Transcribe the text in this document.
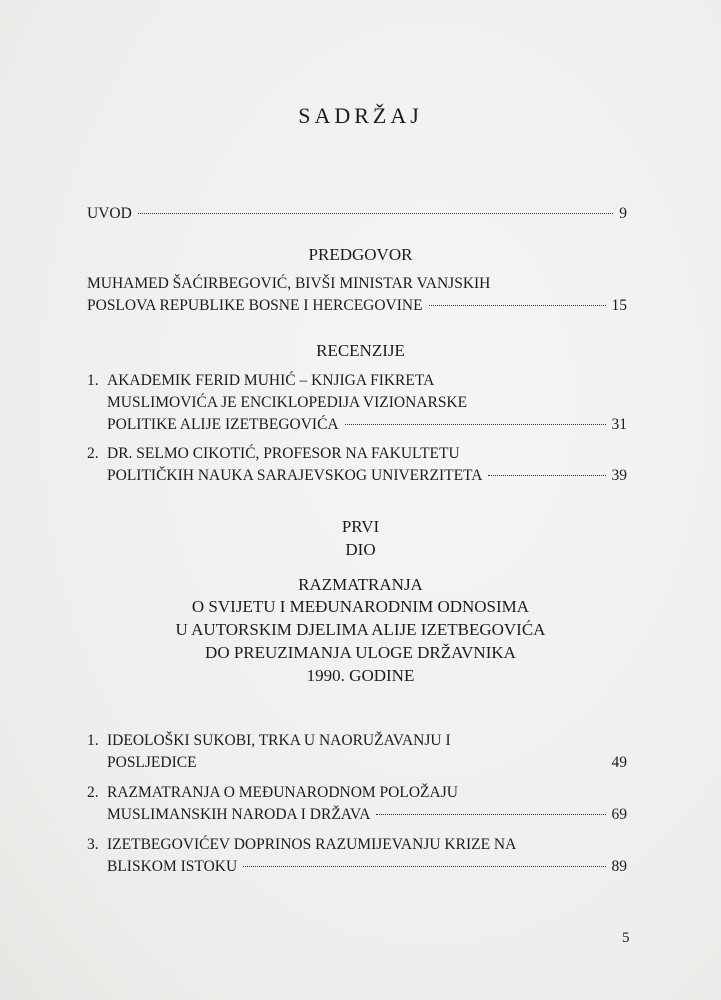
SADRŽAJ
UVOD	9
PREDGOVOR
MUHAMED ŠAĆIRBEGOVIĆ, BIVŠI MINISTAR VANJSKIH
POSLOVA REPUBLIKE BOSNE I HERCEGOVINE	15
RECENZIJE
1. AKADEMIK FERID MUHIĆ – KNJIGA FIKRETA
MUSLIMOVIĆA JE ENCIKLOPEDIJA VIZIONARSKE
POLITIKE ALIJE IZETBEGOVIĆA	31
2. DR. SELMO CIKOTIĆ, PROFESOR NA FAKULTETU
POLITIČKIH NAUKA SARAJEVSKOG UNIVERZITETA	39
PRVI
DIO
RAZMATRANJA
O SVIJETU I MEĐUNARODNIM ODNOSIMA
U AUTORSKIM DJELIMA ALIJE IZETBEGOVIĆA
DO PREUZIMANJA ULOGE DRŽAVNIKA
1990. GODINE
1. IDEOLOŠKI SUKOBI, TRKA U NAORUŽAVANJU I
POSLJEDICE	49
2. RAZMATRANJA O MEĐUNARODNOM POLOŽAJU
MUSLIMANSKIH NARODA I DRŽAVA	69
3. IZETBEGOVIĆEV DOPRINOS RAZUMIJEVANJU KRIZE NA
BLISKOM ISTOKU	89
5
